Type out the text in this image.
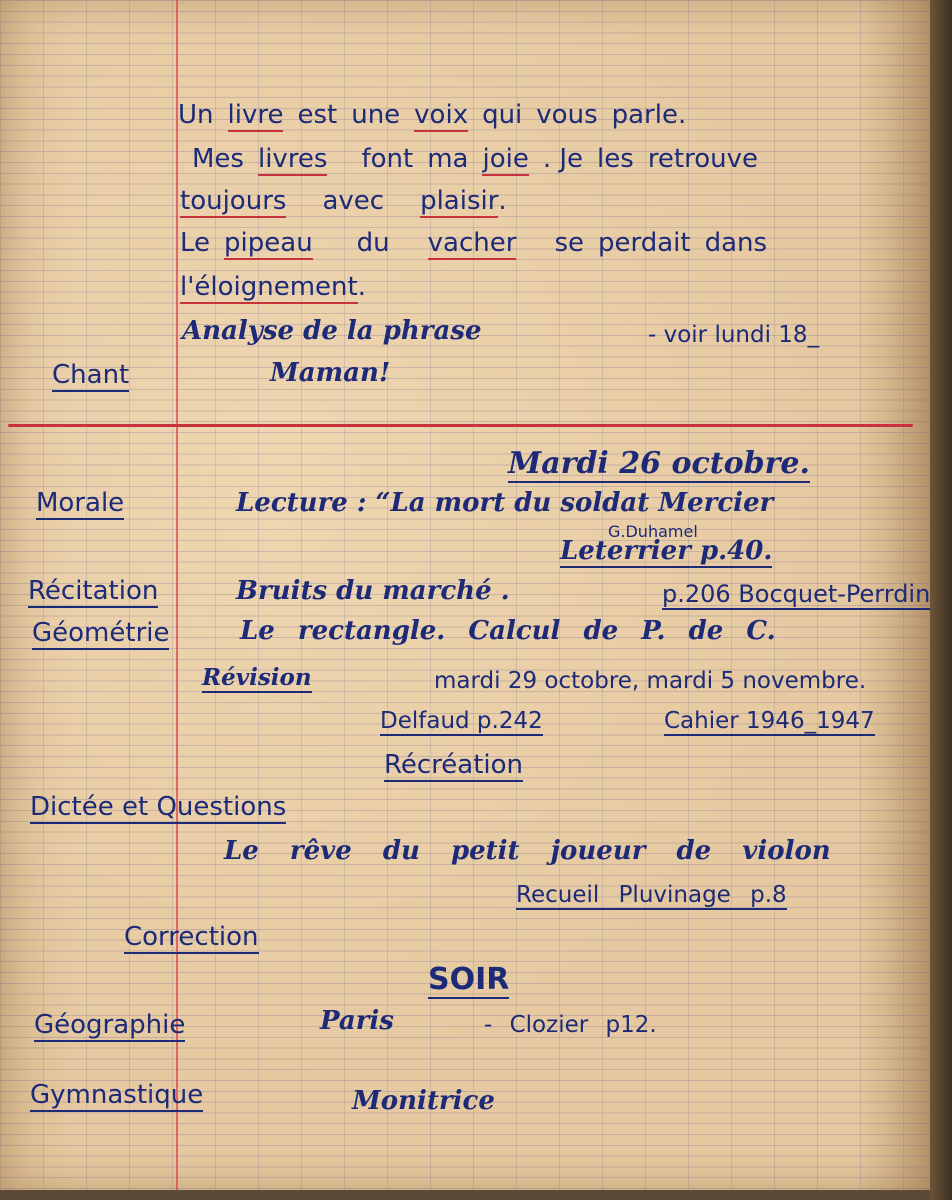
Un livre est une voix qui vous parle.
Mes livres font ma joie . Je les retrouve
toujours avec plaisir.
Le pipeau du vacher se perdait dans
l'éloignement.
Analyse de la phrase	- voir lundi 18_
Chant	Maman!
Mardi 26 octobre.
Morale	Lecture : “La mort du soldat Mercier
G.Duhamel
Leterrier p.40.
Récitation	Bruits du marché .	p.206 Bocquet-Perrdin
Géométrie	Le rectangle. Calcul de P. de C.
Révision	mardi 29 octobre, mardi 5 novembre.
Delfaud p.242	Cahier 1946_1947
Récréation
Dictée et Questions
Le rêve du petit joueur de violon
Recueil Pluvinage p.8
Correction
SOIR
Géographie	Paris	- Clozier p12.
Gymnastique	Monitrice
